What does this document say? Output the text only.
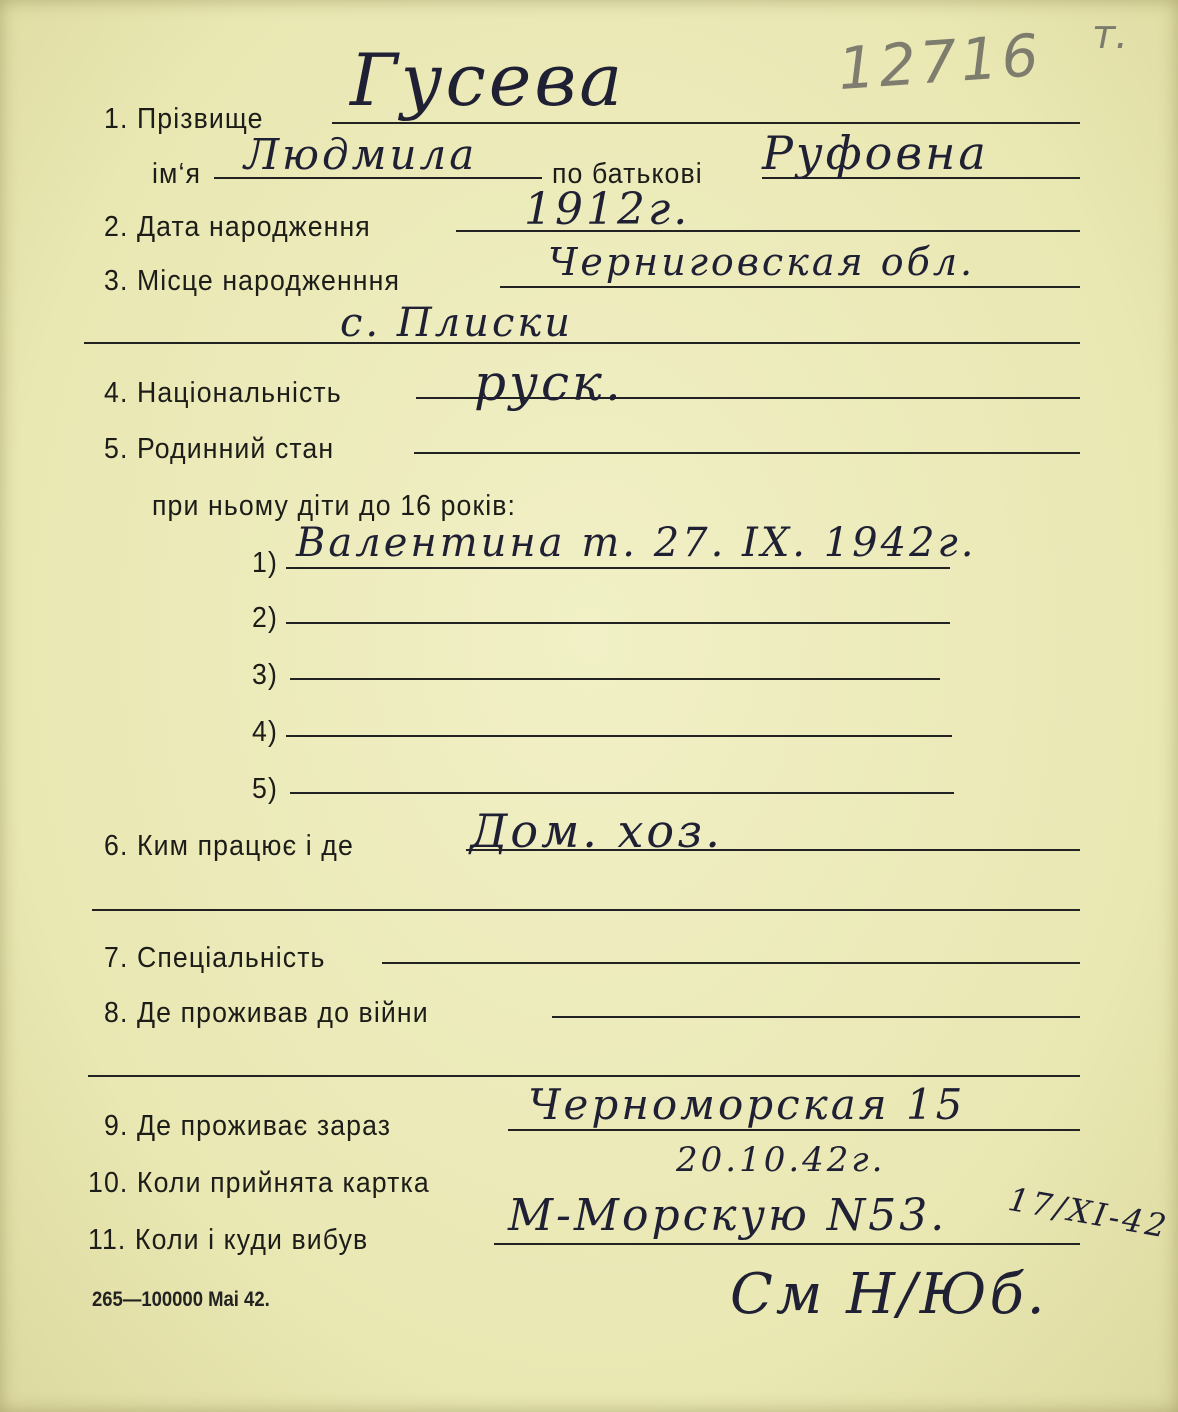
12716 т.
1. Прізвище Гусева
ім‘я Людмила	по батькові Руфовна
2. Дата народження	1912г.
3. Місце народженння	Черниговская обл.
с. Плиски
4. Національність	руск.
5. Родинний стан
при ньому діти до 16 років:
1) Валентина т. 27. IX. 1942г.
2)
3)
4)
5)
6. Ким працює і де	Дом. хоз.
7. Спеціальність
8. Де проживав до війни
9. Де проживає зараз	Черноморская 15
10. Коли прийнята картка
20.10.42г.
11. Коли і куди вибув	М-Морскую N53. 17/XI-42
См Н/Юб.
265—100000 Mai 42.
